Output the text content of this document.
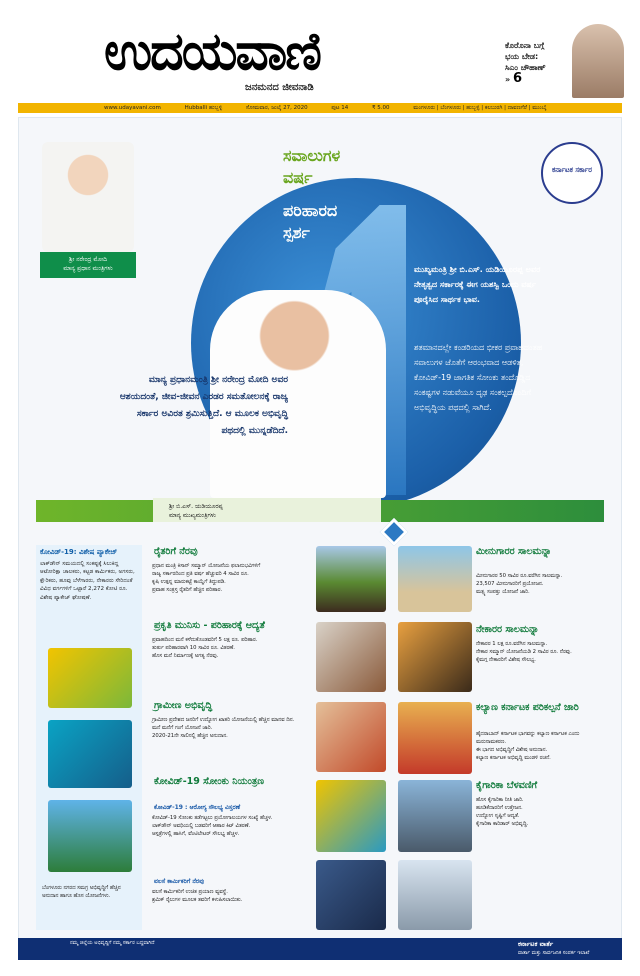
ಉದಯವಾಣಿ
ಜನಮನದ ಜೀವನಾಡಿ
ಕೊರೊನಾ ಬಗ್ಗೆ
ಭಯ ಬೇಡ:
ಸಿಎಂ ಚೌಹಾಣ್
» 6
www.udayavani.com	Hubballi ಹುಬ್ಬಳ್ಳಿ	ಸೋಮವಾರ, ಜುಲೈ 27, 2020	ಪುಟ 14	₹ 5.00	ಮಂಗಳೂರು | ಬೆಂಗಳೂರು | ಹುಬ್ಬಳ್ಳಿ | ಕಲಬುರಗಿ | ದಾವಣಗೆರೆ | ಮುಂಬೈ
ಶ್ರೀ ನರೇಂದ್ರ ಮೋದಿ
ಮಾನ್ಯ ಪ್ರಧಾನ ಮಂತ್ರಿಗಳು
ಕರ್ನಾಟಕ ಸರ್ಕಾರ
ಸವಾಲುಗಳ
ವರ್ಷ
ಪರಿಹಾರದ
ಸ್ಪರ್ಶ
ಶ್ರೀ ಬಿ.ಎಸ್. ಯಡಿಯೂರಪ್ಪ
ಮಾನ್ಯ ಮುಖ್ಯಮಂತ್ರಿಗಳು
ಮಾನ್ಯ ಪ್ರಧಾನಮಂತ್ರಿ ಶ್ರೀ ನರೇಂದ್ರ ಮೋದಿ ಅವರ ಆಶಯದಂತೆ, ಜೀವ-ಜೀವನ ಎರಡರ ಸಮತೋಲನಕ್ಕೆ ರಾಜ್ಯ ಸರ್ಕಾರ ಅವಿರತ ಶ್ರಮಿಸುತ್ತಿದೆ. ಆ ಮೂಲಕ ಅಭಿವೃದ್ಧಿ ಪಥದಲ್ಲಿ ಮುನ್ನಡೆದಿದೆ.
ಮುಖ್ಯಮಂತ್ರಿ ಶ್ರೀ ಬಿ.ಎಸ್. ಯಡಿಯೂರಪ್ಪ ಅವರ ನೇತೃತ್ವದ ಸರ್ಕಾರಕ್ಕೆ ಈಗ ಯಶಸ್ವಿ ಒಂದು ವರ್ಷ ಪೂರೈಸಿದ ಸಾರ್ಥಕ ಭಾವ.
ಶತಮಾನದಲ್ಲೇ ಕಂಡರಿಯದ ಭೀಕರ ಪ್ರವಾಹದಂತಹ ಸವಾಲುಗಳ ಜೊತೆಗೆ ಆರಂಭವಾದ ಆಡಳಿತ, ಕೋವಿಡ್-19 ಜಾಗತಿಕ ಸೋಂಕು ತಂದೊಡ್ಡಿದ ಸಂಕಷ್ಟಗಳ ನಡುವೆಯೂ ದೃಢ ಸಂಕಲ್ಪದೊಂದಿಗೆ ಅಭಿವೃದ್ಧಿಯ ಪಥದಲ್ಲಿ ಸಾಗಿದೆ.
ಕೋವಿಡ್-19: ವಿಶೇಷ ಪ್ಯಾಕೇಜ್
ಲಾಕ್‌ಡೌನ್ ಸಮಯದಲ್ಲಿ ಸಂಕಷ್ಟಕ್ಕೆ ಸಿಲುಕಿದ್ದ ಆಟೋರಿಕ್ಷಾ ಚಾಲಕರು, ಕಟ್ಟಡ ಕಾರ್ಮಿಕರು, ಅಗಸರು, ಕ್ಷೌರಿಕರು, ಹೂವು ಬೆಳೆಗಾರರು, ನೇಕಾರರು ಸೇರಿದಂತೆ ವಿವಿಧ ವರ್ಗಗಳಿಗೆ ಒಟ್ಟಾರೆ 2,272 ಕೋಟಿ ರೂ. ವಿಶೇಷ ಪ್ಯಾಕೇಜ್ ಘೋಷಣೆ.
ಬೆಂಗಳೂರು ನಗರದ ಸಮಗ್ರ ಅಭಿವೃದ್ಧಿಗೆ ಹೆಚ್ಚಿನ ಅನುದಾನ ಹಾಗೂ ಹೊಸ ಯೋಜನೆಗಳು.
ರೈತರಿಗೆ ನೆರವು
ಪ್ರಧಾನ ಮಂತ್ರಿ ಕಿಸಾನ್ ಸಮ್ಮಾನ್ ಯೋಜನೆಯ ಫಲಾನುಭವಿಗಳಿಗೆ
ರಾಜ್ಯ ಸರ್ಕಾರದಿಂದ ಪ್ರತಿ ವರ್ಷ ಹೆಚ್ಚುವರಿ 4 ಸಾವಿರ ರೂ.
ಕೃಷಿ ಉತ್ಪನ್ನ ಮಾರುಕಟ್ಟೆ ಕಾಯ್ದೆಗೆ ತಿದ್ದುಪಡಿ.
ಪ್ರವಾಹ ಸಂತ್ರಸ್ತ ರೈತರಿಗೆ ಹೆಚ್ಚಿನ ಪರಿಹಾರ.
ಪ್ರಕೃತಿ ಮುನಿಸು - ಪರಿಹಾರಕ್ಕೆ ಆದ್ಯತೆ
ಪ್ರವಾಹದಿಂದ ಮನೆ ಕಳೆದುಕೊಂಡವರಿಗೆ 5 ಲಕ್ಷ ರೂ. ಪರಿಹಾರ.
ತುರ್ತು ಪರಿಹಾರವಾಗಿ 10 ಸಾವಿರ ರೂ. ವಿತರಣೆ.
ಹೊಸ ಮನೆ ನಿರ್ಮಾಣಕ್ಕೆ ಅಗತ್ಯ ನೆರವು.
ಗ್ರಾಮೀಣ ಅಭಿವೃದ್ಧಿ
ಗ್ರಾಮೀಣ ಪ್ರದೇಶದ ಜನರಿಗೆ ಉದ್ಯೋಗ ಖಾತರಿ ಯೋಜನೆಯಲ್ಲಿ ಹೆಚ್ಚಿನ ಮಾನವ ದಿನ.
ಮನೆ ಮನೆಗೆ ಗಂಗೆ ಯೋಜನೆ ಜಾರಿ.
2020-21ನೇ ಸಾಲಿನಲ್ಲಿ ಹೆಚ್ಚಿನ ಅನುದಾನ.
ಕೋವಿಡ್-19 ಸೋಂಕು ನಿಯಂತ್ರಣ
ಕೋವಿಡ್-19 : ಆರೋಗ್ಯ ಸೌಲಭ್ಯ ವಿಸ್ತರಣೆ
ಕೋವಿಡ್-19 ಸೋಂಕು ತಡೆಗಟ್ಟಲು ಪ್ರಯೋಗಾಲಯಗಳ ಸಂಖ್ಯೆ ಹೆಚ್ಚಳ.
ಲಾಕ್‌ಡೌನ್ ಅವಧಿಯಲ್ಲಿ ಬಡವರಿಗೆ ಆಹಾರ ಕಿಟ್ ವಿತರಣೆ.
ಆಸ್ಪತ್ರೆಗಳಲ್ಲಿ ಹಾಸಿಗೆ, ವೆಂಟಿಲೇಟರ್ ಸೌಲಭ್ಯ ಹೆಚ್ಚಳ.
ವಲಸೆ ಕಾರ್ಮಿಕರಿಗೆ ನೆರವು
ವಲಸೆ ಕಾರ್ಮಿಕರಿಗೆ ಉಚಿತ ಪ್ರಯಾಣ ವ್ಯವಸ್ಥೆ.
ಶ್ರಮಿಕ್ ರೈಲುಗಳ ಮೂಲಕ ತವರಿಗೆ ಕಳುಹಿಸಲಾಯಿತು.
ಮೀನುಗಾರರ ಸಾಲಮನ್ನಾ
ಮೀನುಗಾರರ 50 ಸಾವಿರ ರೂ.ವರೆಗಿನ ಸಾಲಮನ್ನಾ.
23,507 ಮೀನುಗಾರರಿಗೆ ಪ್ರಯೋಜನ.
ಮತ್ಸ್ಯ ಸಂಪತ್ತು ಯೋಜನೆ ಜಾರಿ.
ನೇಕಾರರ ಸಾಲಮನ್ನಾ
ನೇಕಾರರ 1 ಲಕ್ಷ ರೂ.ವರೆಗಿನ ಸಾಲಮನ್ನಾ.
ನೇಕಾರ ಸಮ್ಮಾನ್ ಯೋಜನೆಯಡಿ 2 ಸಾವಿರ ರೂ. ನೆರವು.
ಕೈಮಗ್ಗ ನೇಕಾರರಿಗೆ ವಿಶೇಷ ಸೌಲಭ್ಯ.
ಕಲ್ಯಾಣ ಕರ್ನಾಟಕ ಪರಿಕಲ್ಪನೆ ಜಾರಿ
ಹೈದರಾಬಾದ್ ಕರ್ನಾಟಕ ಭಾಗವನ್ನು ಕಲ್ಯಾಣ ಕರ್ನಾಟಕ ಎಂದು ಮರುನಾಮಕರಣ.
ಈ ಭಾಗದ ಅಭಿವೃದ್ಧಿಗೆ ವಿಶೇಷ ಅನುದಾನ.
ಕಲ್ಯಾಣ ಕರ್ನಾಟಕ ಅಭಿವೃದ್ಧಿ ಮಂಡಳಿ ರಚನೆ.
ಕೈಗಾರಿಕಾ ಬೆಳವಣಿಗೆ
ಹೊಸ ಕೈಗಾರಿಕಾ ನೀತಿ ಜಾರಿ.
ಹೂಡಿಕೆದಾರರಿಗೆ ಉತ್ತೇಜನ.
ಉದ್ಯೋಗ ಸೃಷ್ಟಿಗೆ ಆದ್ಯತೆ.
ಕೈಗಾರಿಕಾ ಕಾರಿಡಾರ್ ಅಭಿವೃದ್ಧಿ.
ನಮ್ಮ ಜಿಲ್ಲೆಯ ಅಭಿವೃದ್ಧಿಗೆ ನಮ್ಮ ಸರ್ಕಾರ ಬದ್ಧವಾಗಿದೆ	ಕರ್ನಾಟಕ ವಾರ್ತೆ
ವಾರ್ತಾ ಮತ್ತು ಸಾರ್ವಜನಿಕ ಸಂಪರ್ಕ ಇಲಾಖೆ
